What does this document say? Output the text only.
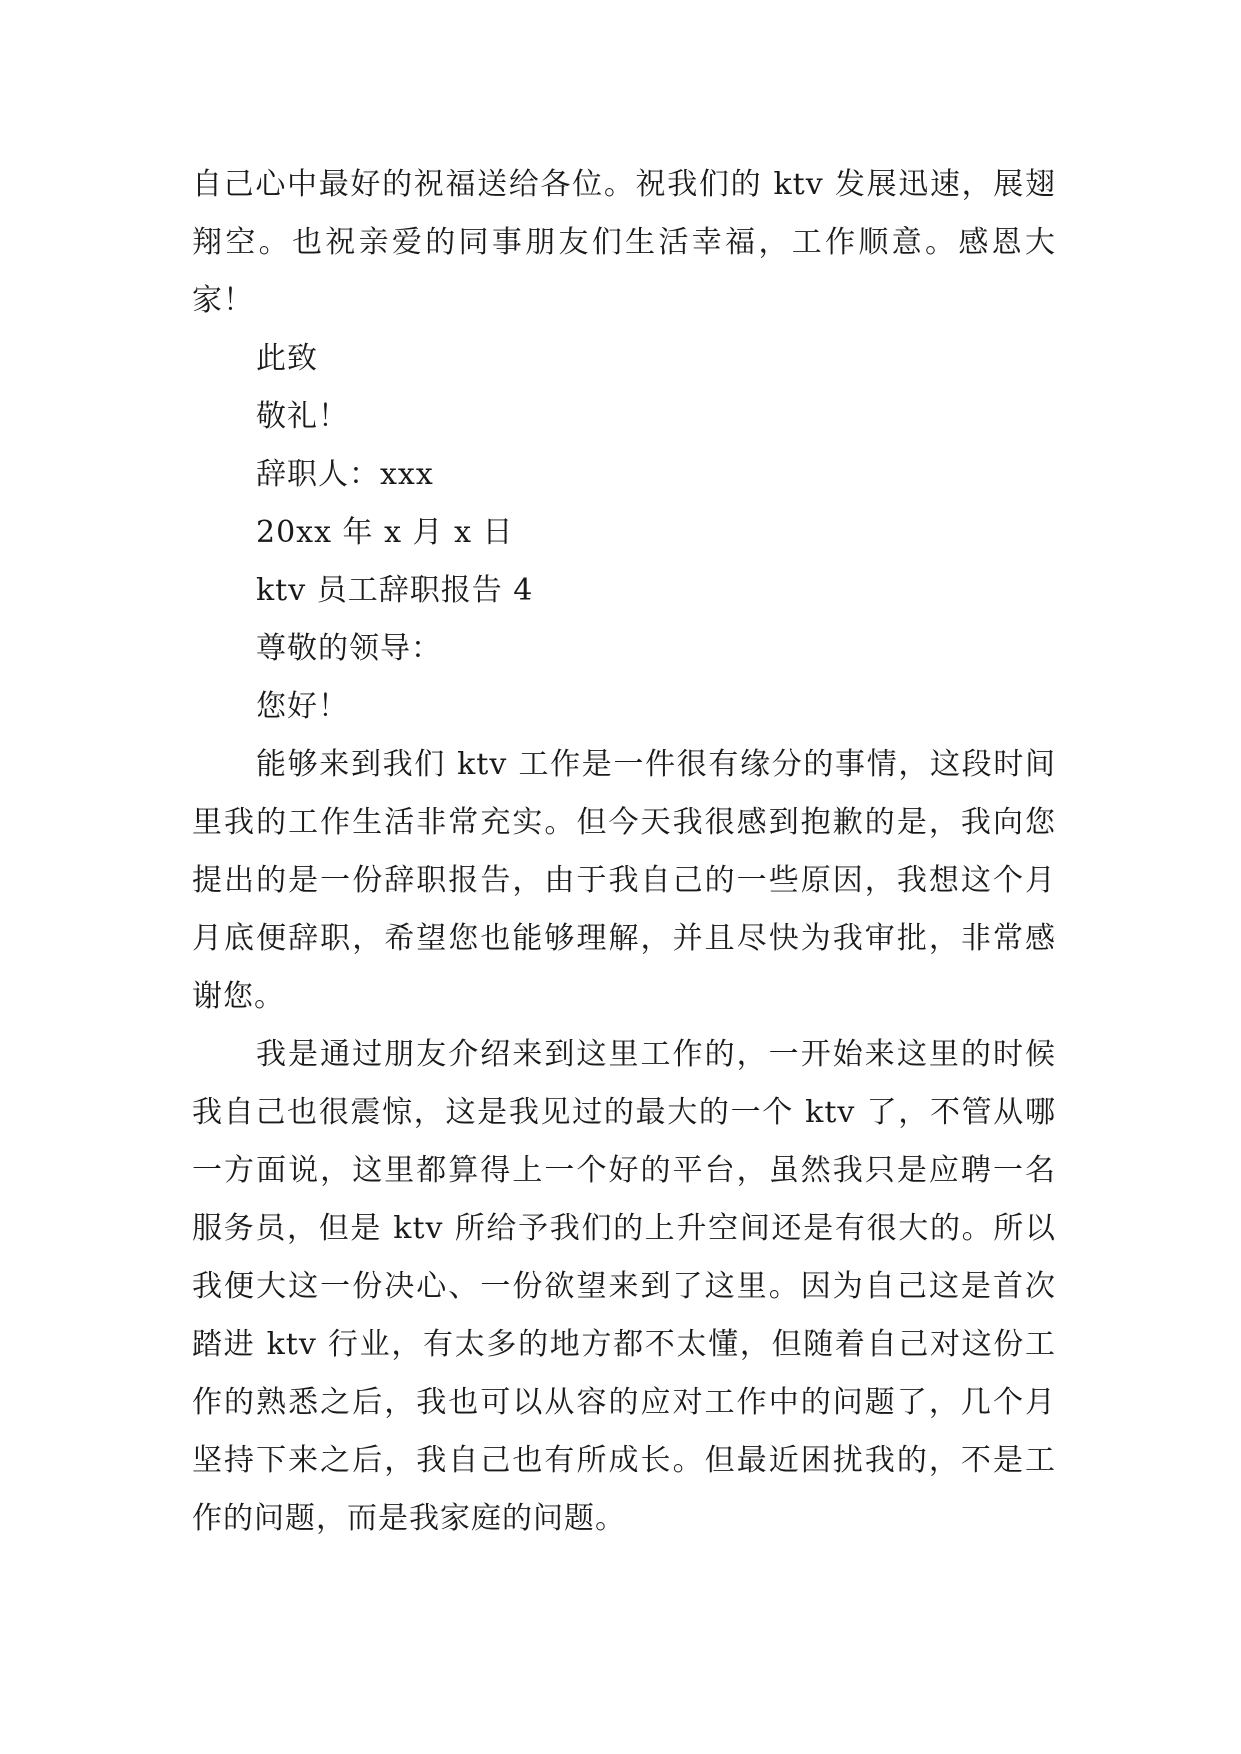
自己心中最好的祝福送给各位。祝我们的 ktv 发展迅速，展翅翔空。也祝亲爱的同事朋友们生活幸福，工作顺意。感恩大家！
此致
敬礼！
辞职人：xxx
20xx 年 x 月 x 日
ktv 员工辞职报告 4
尊敬的领导：
您好！
能够来到我们 ktv 工作是一件很有缘分的事情，这段时间里我的工作生活非常充实。但今天我很感到抱歉的是，我向您提出的是一份辞职报告，由于我自己的一些原因，我想这个月月底便辞职，希望您也能够理解，并且尽快为我审批，非常感谢您。
我是通过朋友介绍来到这里工作的，一开始来这里的时候我自己也很震惊，这是我见过的最大的一个 ktv 了，不管从哪一方面说，这里都算得上一个好的平台，虽然我只是应聘一名服务员，但是 ktv 所给予我们的上升空间还是有很大的。所以我便大这一份决心、一份欲望来到了这里。因为自己这是首次踏进 ktv 行业，有太多的地方都不太懂，但随着自己对这份工作的熟悉之后，我也可以从容的应对工作中的问题了，几个月坚持下来之后，我自己也有所成长。但最近困扰我的，不是工作的问题，而是我家庭的问题。
